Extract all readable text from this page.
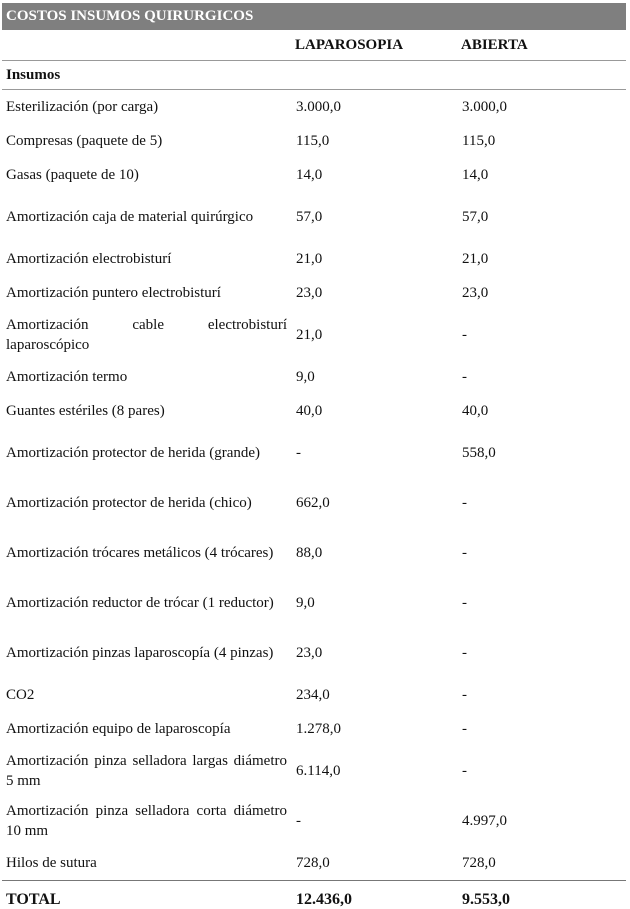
COSTOS INSUMOS QUIRURGICOS
	LAPAROSOPIA	ABIERTA
Insumos		
Esterilización (por carga)	3.000,0	3.000,0
Compresas (paquete de 5)	115,0	115,0
Gasas (paquete de 10)	14,0	14,0
Amortización caja de material quirúrgico	57,0	57,0
Amortización electrobisturí	21,0	21,0
Amortización puntero electrobisturí	23,0	23,0
Amortización cable electrobisturí laparoscópico	21,0	-
Amortización termo	9,0	-
Guantes estériles (8 pares)	40,0	40,0
Amortización protector de herida (grande)	-	558,0
Amortización protector de herida (chico)	662,0	-
Amortización trócares metálicos (4 trócares)	88,0	-
Amortización reductor de trócar (1 reductor)	9,0	-
Amortización pinzas laparoscopía (4 pinzas)	23,0	-
CO2	234,0	-
Amortización equipo de laparoscopía	1.278,0	-
Amortización pinza selladora largas diámetro 5 mm	6.114,0	-
Amortización pinza selladora corta diámetro 10 mm	-	4.997,0
Hilos de sutura	728,0	728,0
TOTAL	12.436,0	9.553,0
